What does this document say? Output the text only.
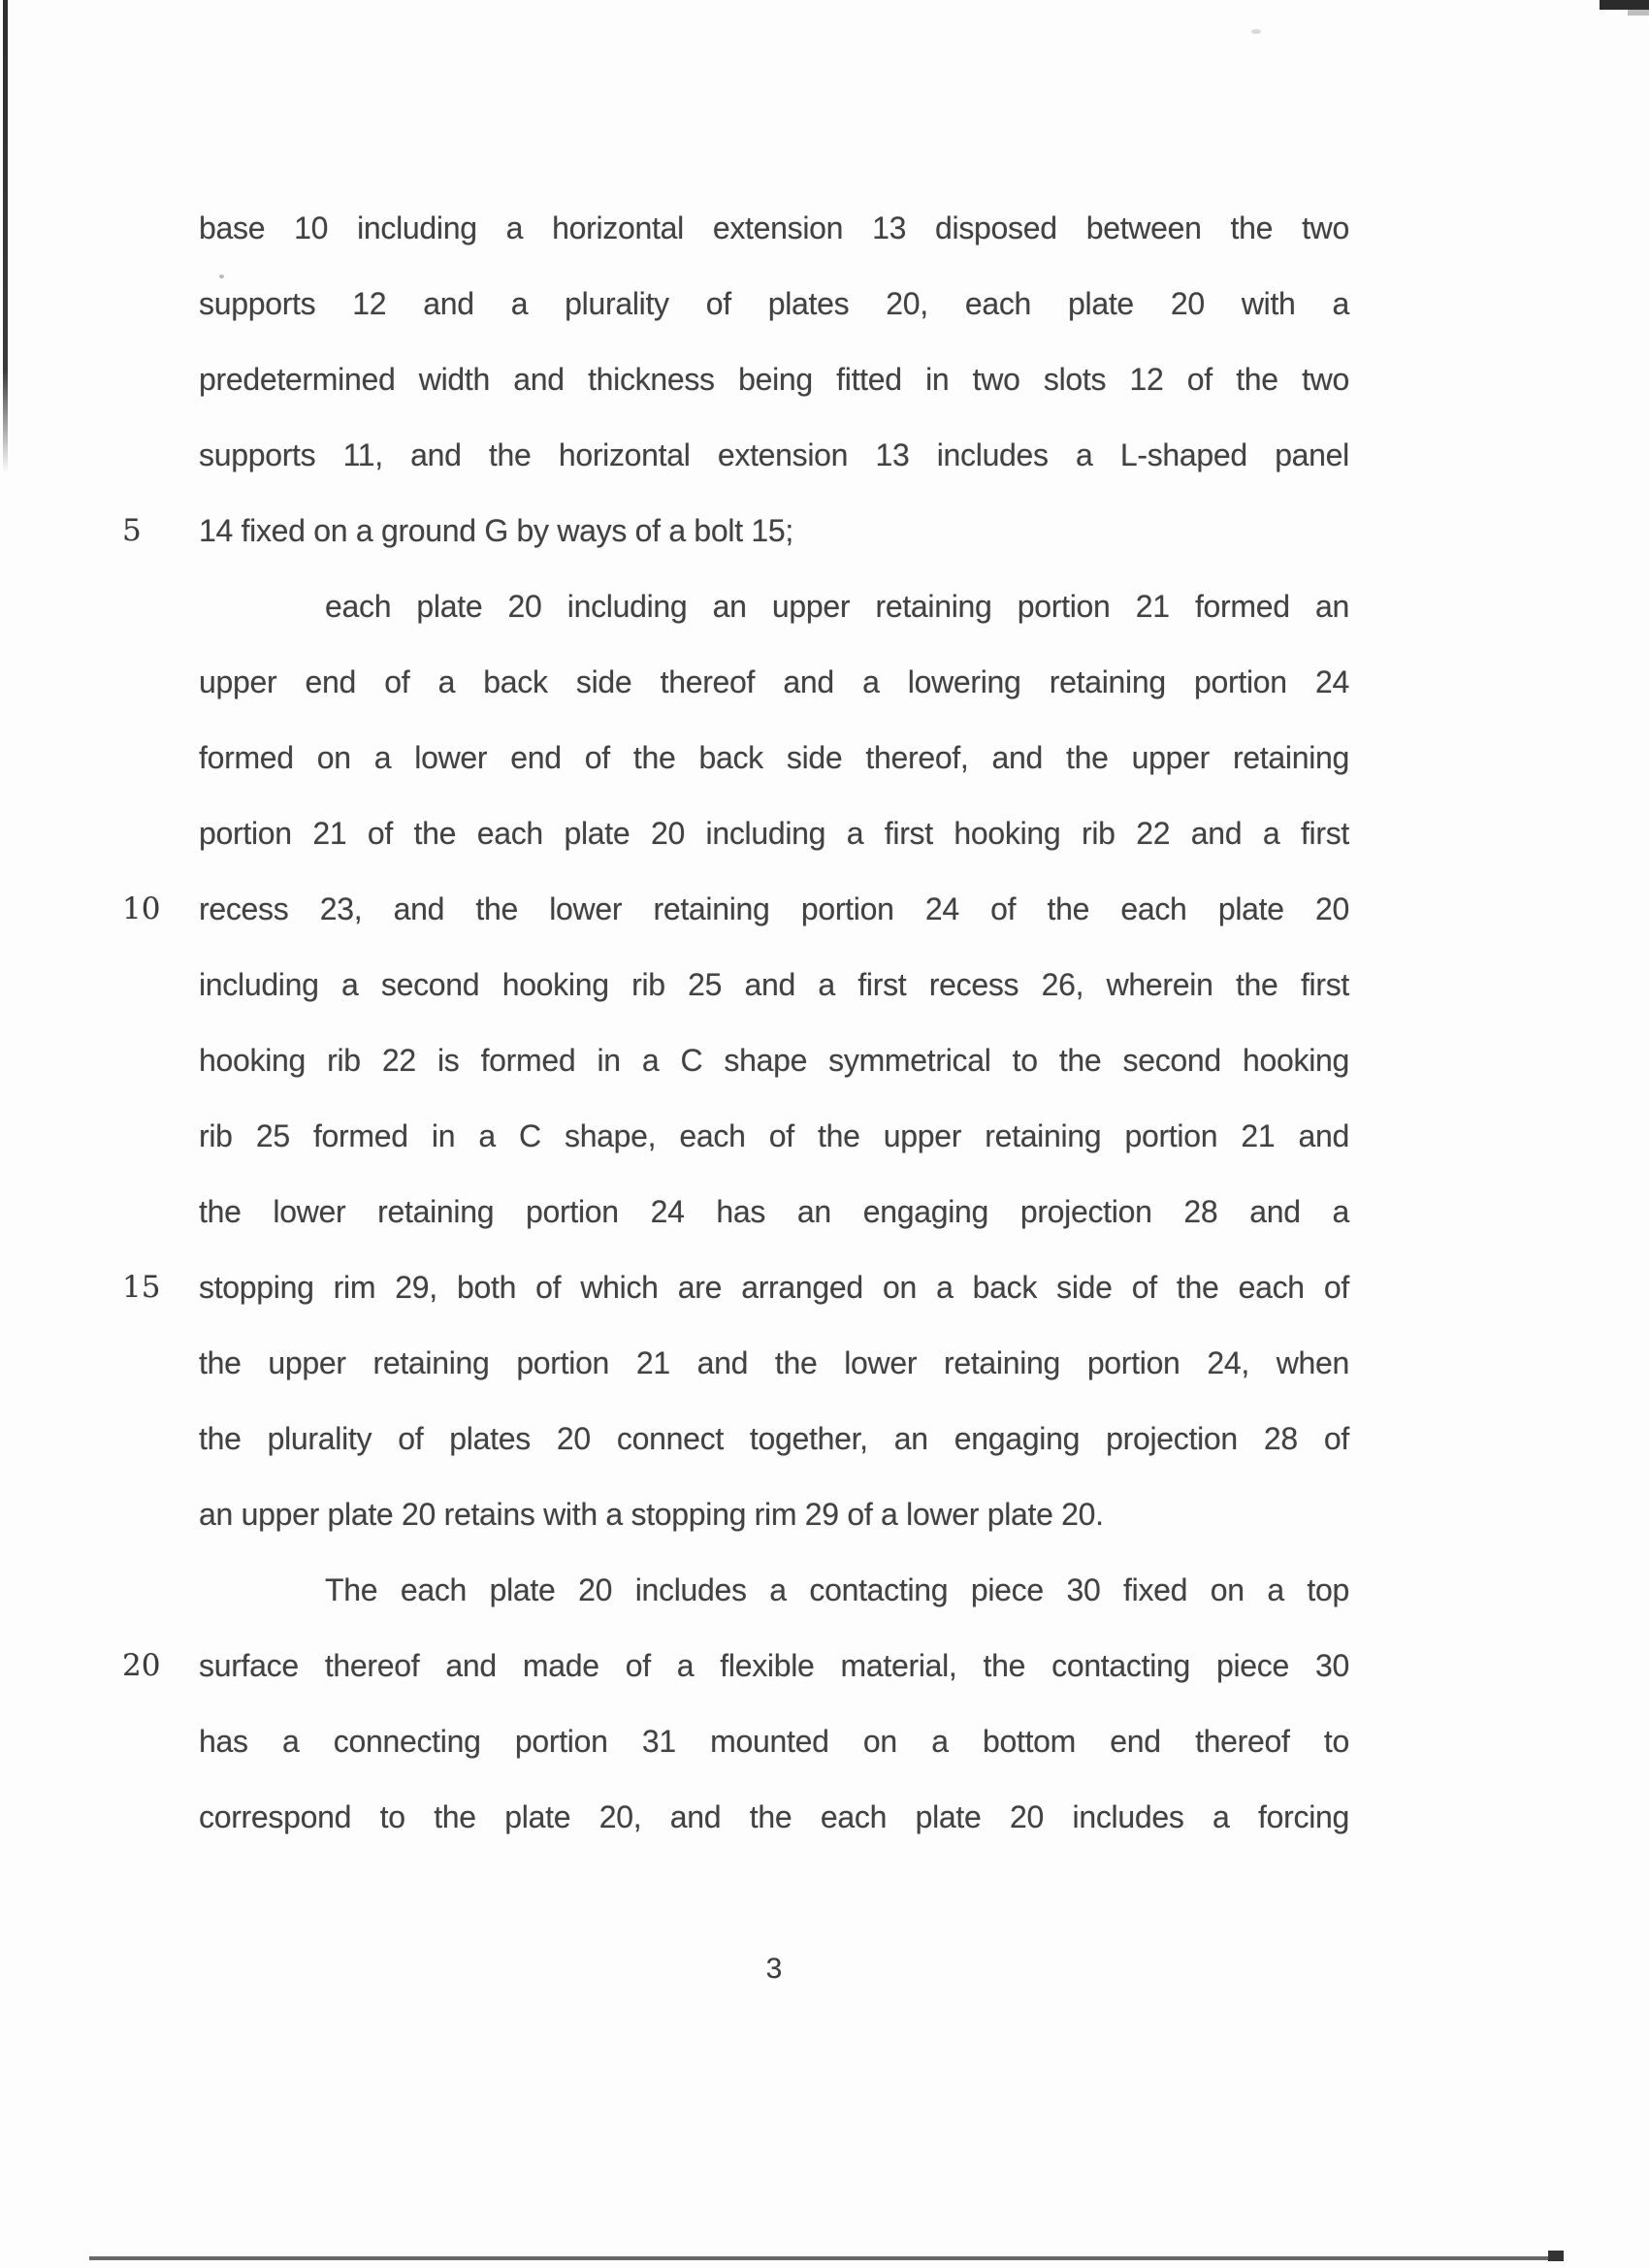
base 10 including a horizontal extension 13 disposed between the two
supports 12 and a plurality of plates 20, each plate 20 with a
predetermined width and thickness being fitted in two slots 12 of the two
supports 11, and the horizontal extension 13 includes a L-shaped panel
14 fixed on a ground G by ways of a bolt 15;
5
each plate 20 including an upper retaining portion 21 formed an
upper end of a back side thereof and a lowering retaining portion 24
formed on a lower end of the back side thereof, and the upper retaining
portion 21 of the each plate 20 including a first hooking rib 22 and a first
recess 23, and the lower retaining portion 24 of the each plate 20
10
including a second hooking rib 25 and a first recess 26, wherein the first
hooking rib 22 is formed in a C shape symmetrical to the second hooking
rib 25 formed in a C shape, each of the upper retaining portion 21 and
the lower retaining portion 24 has an engaging projection 28 and a
stopping rim 29, both of which are arranged on a back side of the each of
15
the upper retaining portion 21 and the lower retaining portion 24, when
the plurality of plates 20 connect together, an engaging projection 28 of
an upper plate 20 retains with a stopping rim 29 of a lower plate 20.
The each plate 20 includes a contacting piece 30 fixed on a top
surface thereof and made of a flexible material, the contacting piece 30
20
has a connecting portion 31 mounted on a bottom end thereof to
correspond to the plate 20, and the each plate 20 includes a forcing
3
